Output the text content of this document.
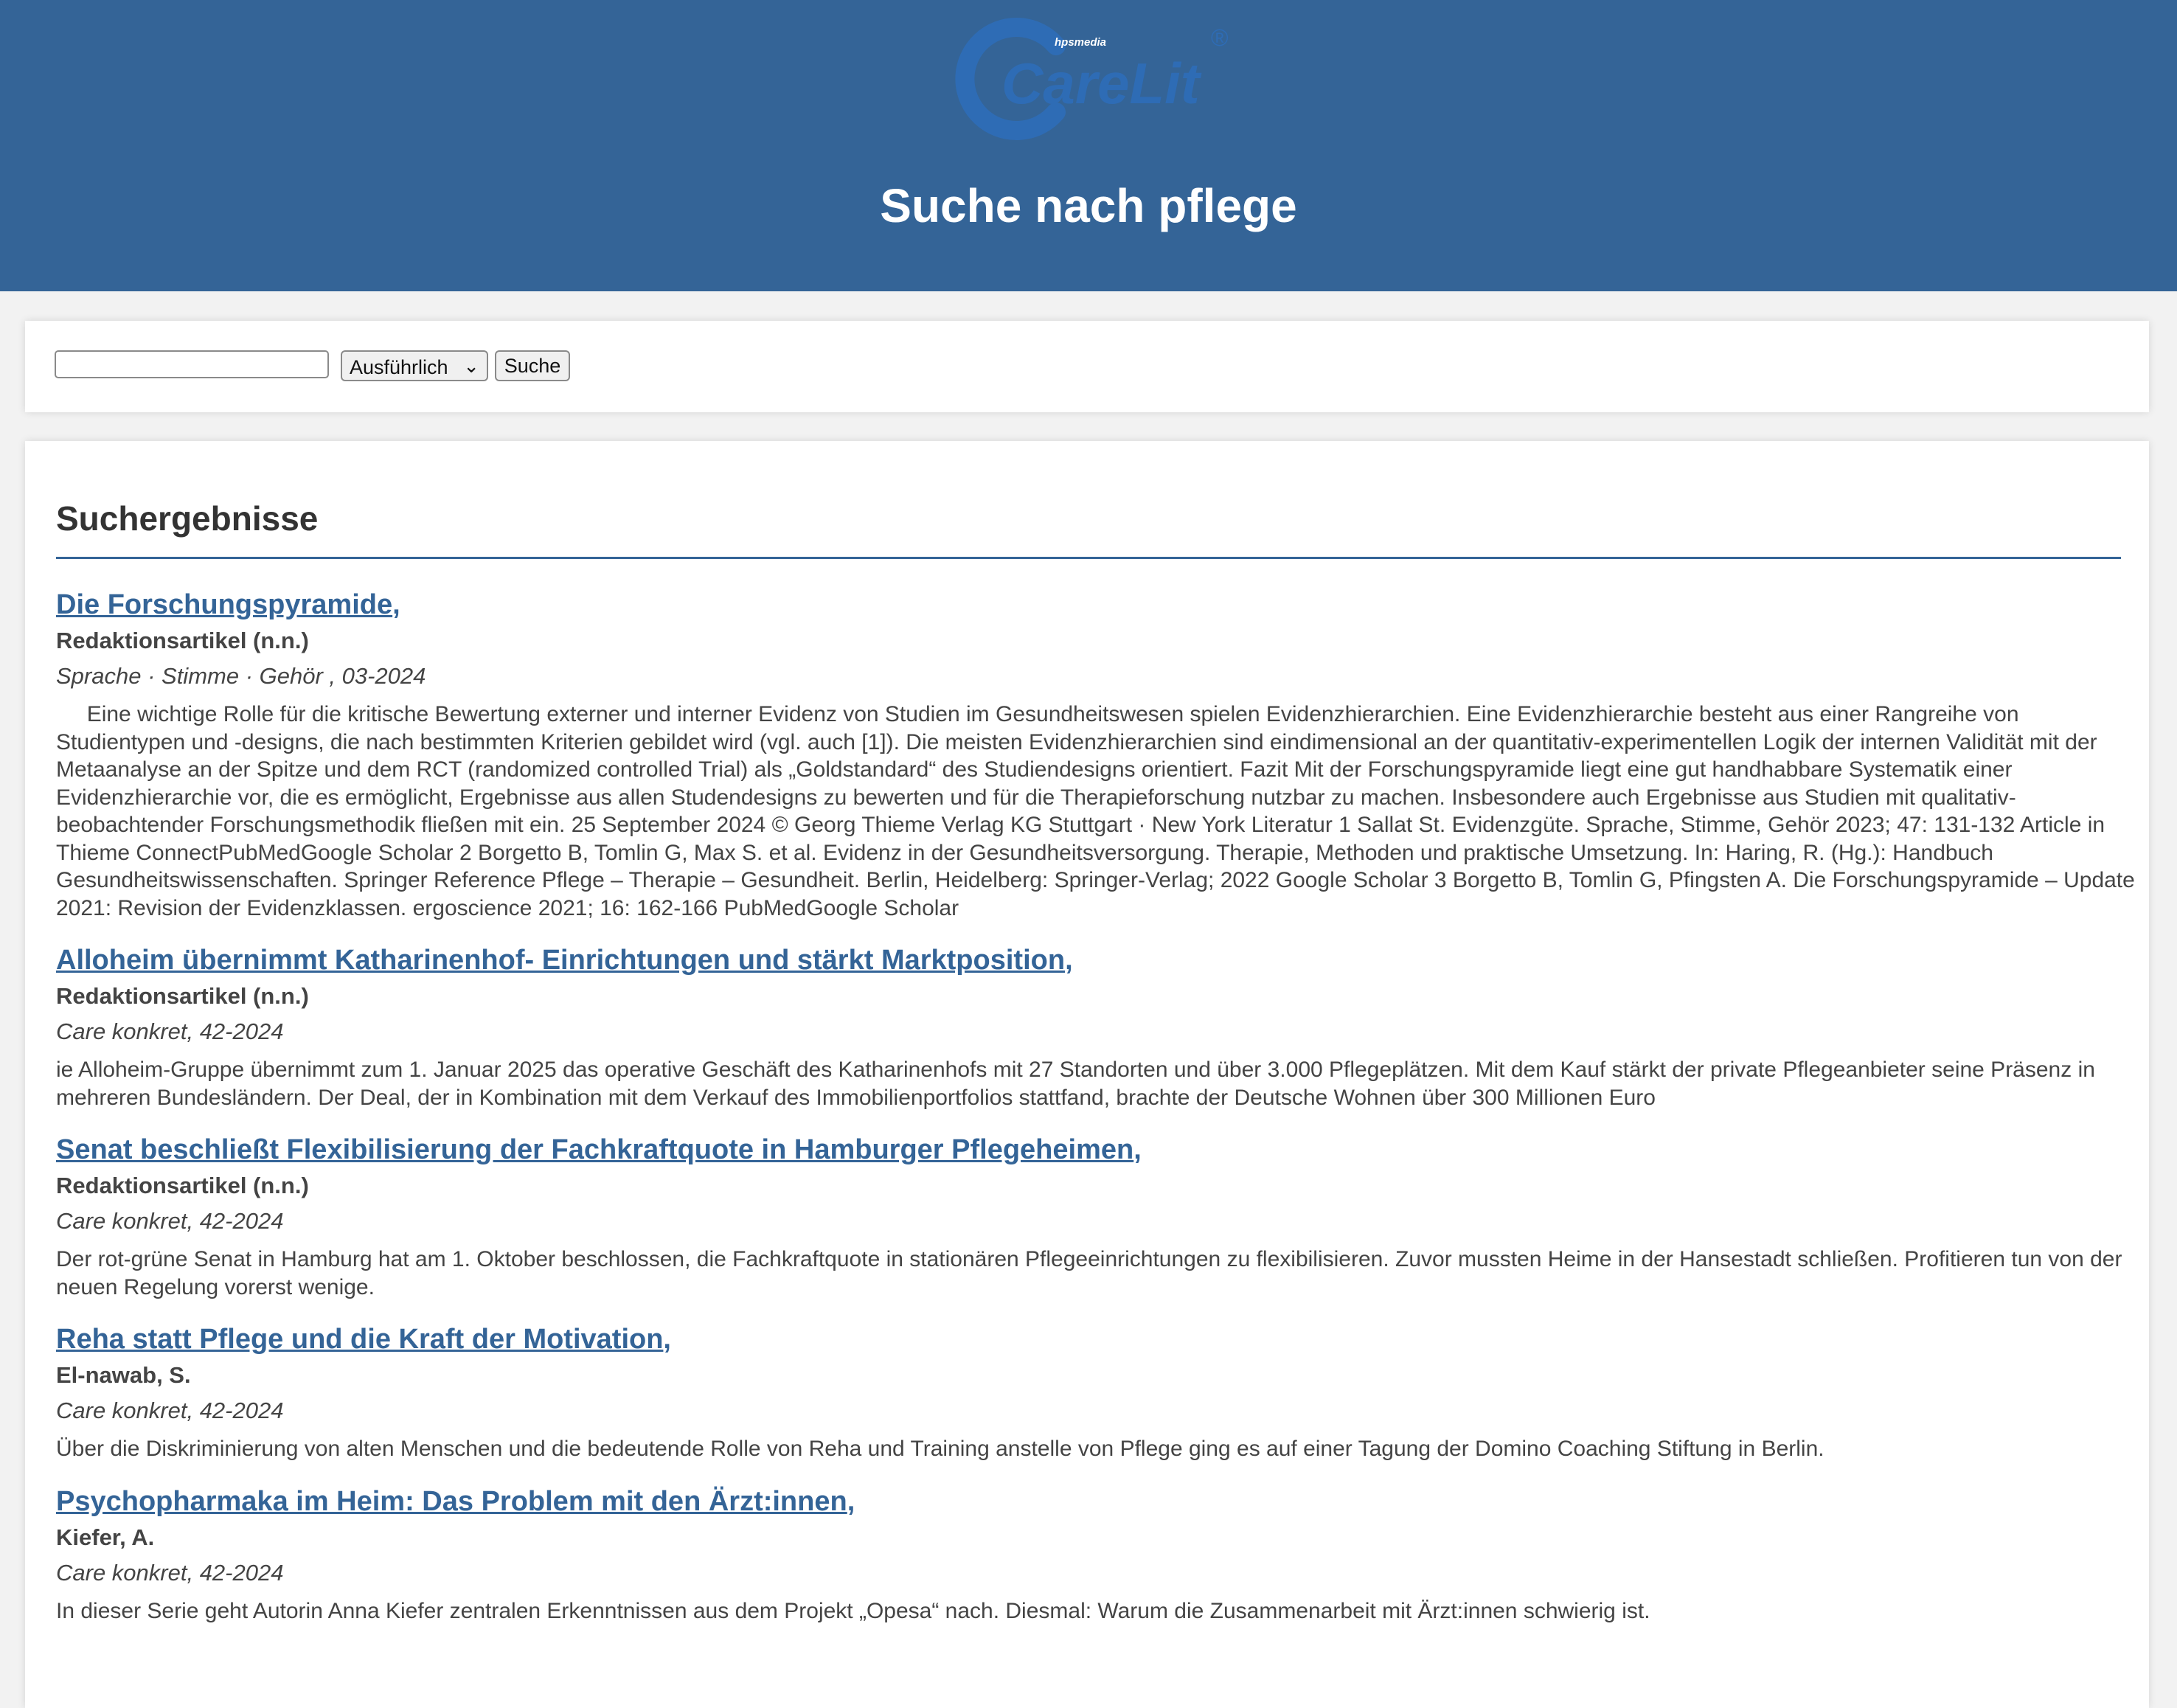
CareLit
hpsmedia	®
Suche nach pflege
Ausführlich ⌄	Suche
Suchergebnisse
Die Forschungspyramide,
Redaktionsartikel (n.n.)
Sprache · Stimme · Gehör , 03-2024
Eine wichtige Rolle für die kritische Bewertung externer und interner Evidenz von Studien im Gesundheitswesen spielen Evidenzhierarchien. Eine Evidenzhierarchie besteht aus einer Rangreihe von Studientypen und -designs, die nach bestimmten Kriterien gebildet wird (vgl. auch [1]). Die meisten Evidenzhierarchien sind eindimensional an der quantitativ-experimentellen Logik der internen Validität mit der Metaanalyse an der Spitze und dem RCT (randomized controlled Trial) als „Goldstandard“ des Studiendesigns orientiert. Fazit Mit der Forschungspyramide liegt eine gut handhabbare Systematik einer Evidenzhierarchie vor, die es ermöglicht, Ergebnisse aus allen Studendesigns zu bewerten und für die Therapieforschung nutzbar zu machen. Insbesondere auch Ergebnisse aus Studien mit qualitativ-beobachtender Forschungsmethodik fließen mit ein. 25 September 2024 © Georg Thieme Verlag KG Stuttgart · New York Literatur 1 Sallat St. Evidenzgüte. Sprache, Stimme, Gehör 2023; 47: 131-132 Article in Thieme ConnectPubMedGoogle Scholar 2 Borgetto B, Tomlin G, Max S. et al. Evidenz in der Gesundheitsversorgung. Therapie, Methoden und praktische Umsetzung. In: Haring, R. (Hg.): Handbuch Gesundheitswissenschaften. Springer Reference Pflege – Therapie – Gesundheit. Berlin, Heidelberg: Springer-Verlag; 2022 Google Scholar 3 Borgetto B, Tomlin G, Pfingsten A. Die Forschungspyramide – Update 2021: Revision der Evidenzklassen. ergoscience 2021; 16: 162-166 PubMedGoogle Scholar
Alloheim übernimmt Katharinenhof- Einrichtungen und stärkt Marktposition,
Redaktionsartikel (n.n.)
Care konkret, 42-2024
ie Alloheim-Gruppe übernimmt zum 1. Januar 2025 das operative Geschäft des Katharinenhofs mit 27 Standorten und über 3.000 Pflegeplätzen. Mit dem Kauf stärkt der private Pflegeanbieter seine Präsenz in mehreren Bundesländern. Der Deal, der in Kombination mit dem Verkauf des Immobilienportfolios stattfand, brachte der Deutsche Wohnen über 300 Millionen Euro
Senat beschließt Flexibilisierung der Fachkraftquote in Hamburger Pflegeheimen,
Redaktionsartikel (n.n.)
Care konkret, 42-2024
Der rot-grüne Senat in Hamburg hat am 1. Oktober beschlossen, die Fachkraftquote in stationären Pflegeeinrichtungen zu flexibilisieren. Zuvor mussten Heime in der Hansestadt schließen. Profitieren tun von der neuen Regelung vorerst wenige.
Reha statt Pflege und die Kraft der Motivation,
El-nawab, S.
Care konkret, 42-2024
Über die Diskriminierung von alten Menschen und die bedeutende Rolle von Reha und Training anstelle von Pflege ging es auf einer Tagung der Domino Coaching Stiftung in Berlin.
Psychopharmaka im Heim: Das Problem mit den Ärzt:innen,
Kiefer, A.
Care konkret, 42-2024
In dieser Serie geht Autorin Anna Kiefer zentralen Erkenntnissen aus dem Projekt „Opesa“ nach. Diesmal: Warum die Zusammenarbeit mit Ärzt:innen schwierig ist.
